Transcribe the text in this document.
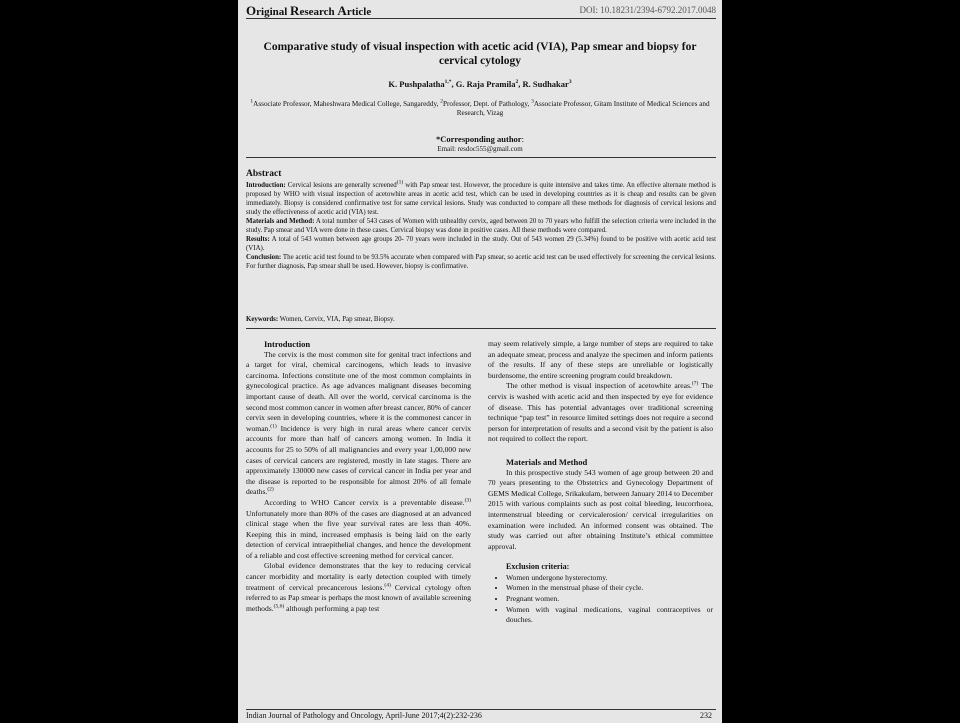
Original Research Article	DOI: 10.18231/2394-6792.2017.0048
Comparative study of visual inspection with acetic acid (VIA), Pap smear and biopsy for cervical cytology
K. Pushpalatha$^{1,*}$, G. Raja Pramila$^2$, R. Sudhakar$^3$
$^1$Associate Professor, Maheshwara Medical College, Sangareddy, $^2$Professor, Dept. of Pathology, $^3$Associate Professor, Gitam Institute of Medical Sciences and Research, Vizag
*Corresponding author:
Email: resdoc555@gmail.com
Abstract

Introduction: Cervical lesions are generally screened$^{(1)}$ with Pap smear test. However, the procedure is quite intensive and takes time. An effective alternate method is proposed by WHO with visual inspection of acetowhite areas in acetic acid test, which can be used in developing countries as it is cheap and results can be given immediately. Biopsy is considered confirmative test for same cervical lesions. Study was conducted to compare all these methods for diagnosis of cervical lesions and study the effectiveness of acetic acid (VIA) test.

Materials and Method: A total number of 543 cases of Women with unhealthy cervix, aged between 20 to 70 years who fulfill the selection criteria were included in the study. Pap smear and VIA were done in these cases. Cervical biopsy was done in positive cases. All these methods were compared.

Results: A total of 543 women between age groups 20- 70 years were included in the study. Out of 543 women 29 (5.34%) found to be positive with acetic acid test (VIA).

Conclusion: The acetic acid test found to be 93.5% accurate when compared with Pap smear, so acetic acid test can be used effectively for screening the cervical lesions. For further diagnosis, Pap smear shall be used. However, biopsy is confirmative.

Keywords: Women, Cervix, VIA, Pap smear, Biopsy.

Introduction

The cervix is the most common site for genital tract infections and a target for viral, chemical carcinogens, which leads to invasive carcinoma. Infections constitute one of the most common complaints in gynecological practice. As age advances malignant diseases becoming important cause of death. All over the world, cervical carcinoma is the second most common cancer in women after breast cancer, 80% of cancer cervix seen in developing countries, where it is the commonest cancer in woman.$^{(1)}$ Incidence is very high in rural areas where cancer cervix accounts for more than half of cancers among women. In India it accounts for 25 to 50% of all malignancies and every year 1,00,000 new cases of cervical cancers are registered, mostly in late stages. There are approximately 130000 new cases of cervical cancer in India per year and the disease is reported to be responsible for almost 20% of all female deaths.$^{(2)}$

According to WHO Cancer cervix is a preventable disease.$^{(3)}$ Unfortunately more than 80% of the cases are diagnosed at an advanced clinical stage when the five year survival rates are less than 40%. Keeping this in mind, increased emphasis is being laid on the early detection of cervical intraepithelial changes, and hence the development of a reliable and cost effective screening method for cervical cancer.

Global evidence demonstrates that the key to reducing cervical cancer morbidity and mortality is early detection coupled with timely treatment of cervical precancerous lesions.$^{(4)}$ Cervical cytology often referred to as Pap smear is perhaps the most known of available screening methods.$^{(5,6)}$ although performing a pap test

may seem relatively simple, a large number of steps are required to take an adequate smear, process and analyze the specimen and inform patients of the results. If any of these steps are unreliable or logistically burdensome, the entire screening program could breakdown.

The other method is visual inspection of acetowhite areas.$^{(7)}$ The cervix is washed with acetic acid and then inspected by eye for evidence of disease. This has potential advantages over traditional screening technique “pap test” in resource limited settings does not require a second person for interpretation of results and a second visit by the patient is also not required to collect the report.

Materials and Method

In this prospective study 543 women of age group between 20 and 70 years presenting to the Obstetrics and Gynecology Department of GEMS Medical College, Srikakulam, between January 2014 to December 2015 with various complaints such as post coital bleeding, leucorrhoea, intermenstrual bleeding or cervicalerosion/ cervical irregularities on examination were included. An informed consent was obtained. The study was carried out after obtaining Institute’s ethical committee approval.

Exclusion criteria:

• Women undergone hysterectomy.
• Women in the menstrual phase of their cycle.
• Pregnant women.
• Women with vaginal medications, vaginal contraceptives or douches.
Indian Journal of Pathology and Oncology, April-June 2017;4(2):232-236	232
